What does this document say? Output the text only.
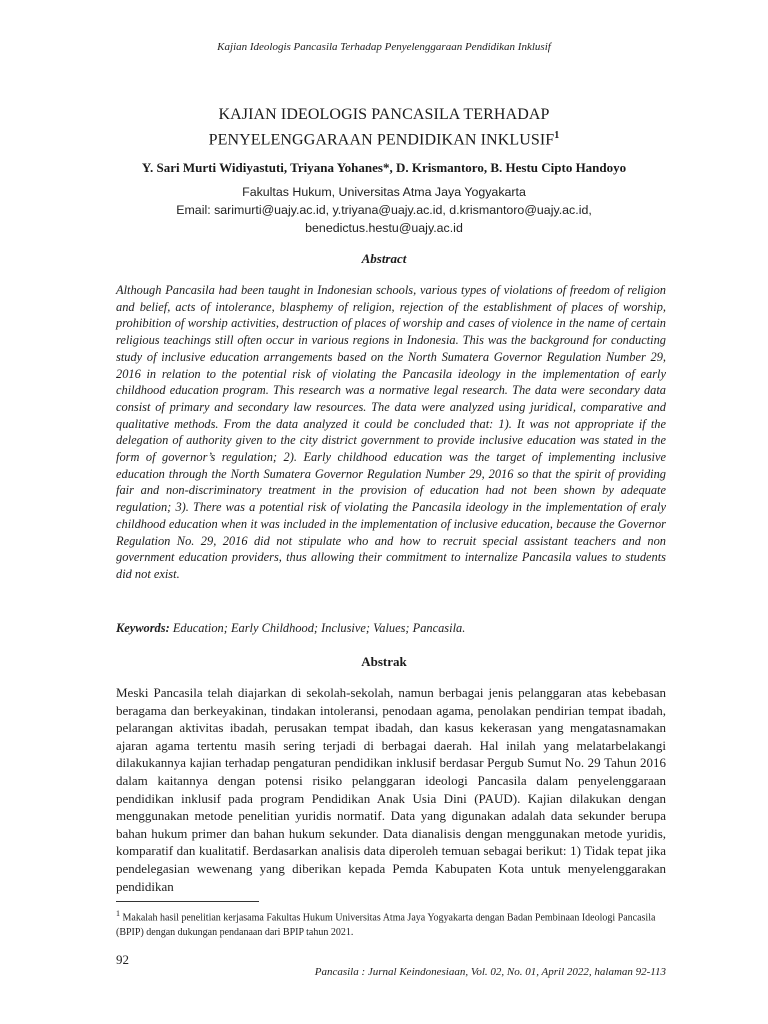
Kajian Ideologis Pancasila Terhadap Penyelenggaraan Pendidikan Inklusif
KAJIAN IDEOLOGIS PANCASILA TERHADAP
PENYELENGGARAAN PENDIDIKAN INKLUSIF$^1$
Y. Sari Murti Widiyastuti, Triyana Yohanes*, D. Krismantoro, B. Hestu Cipto Handoyo
Fakultas Hukum, Universitas Atma Jaya Yogyakarta
Email: sarimurti@uajy.ac.id, y.triyana@uajy.ac.id, d.krismantoro@uajy.ac.id,
benedictus.hestu@uajy.ac.id
Abstract

Although Pancasila had been taught in Indonesian schools, various types of violations of freedom of religion and belief, acts of intolerance, blasphemy of religion, rejection of the establishment of places of worship, prohibition of worship activities, destruction of places of worship and cases of violence in the name of certain religious teachings still often occur in various regions in Indonesia. This was the background for conducting study of inclusive education arrangements based on the North Sumatera Governor Regulation Number 29, 2016 in relation to the potential risk of violating the Pancasila ideology in the implementation of early childhood education program. This research was a normative legal research. The data were secondary data consist of primary and secondary law resources. The data were analyzed using juridical, comparative and qualitative methods. From the data analyzed it could be concluded that: 1). It was not appropriate if the delegation of authority given to the city district government to provide inclusive education was stated in the form of governor’s regulation; 2). Early childhood education was the target of implementing inclusive education through the North Sumatera Governor Regulation Number 29, 2016 so that the spirit of providing fair and non-discriminatory treatment in the provision of education had not been shown by adequate regulation; 3). There was a potential risk of violating the Pancasila ideology in the implementation of eraly childhood education when it was included in the implementation of inclusive education, because the Governor Regulation No. 29, 2016 did not stipulate who and how to recruit special assistant teachers and non government education providers, thus allowing their commitment to internalize Pancasila values to students did not exist.

Keywords: Education; Early Childhood; Inclusive; Values; Pancasila.
Abstrak

Meski Pancasila telah diajarkan di sekolah-sekolah, namun berbagai jenis pelanggaran atas kebebasan beragama dan berkeyakinan, tindakan intoleransi, penodaan agama, penolakan pendirian tempat ibadah, pelarangan aktivitas ibadah, perusakan tempat ibadah, dan kasus kekerasan yang mengatasnamakan ajaran agama tertentu masih sering terjadi di berbagai daerah. Hal inilah yang melatarbelakangi dilakukannya kajian terhadap pengaturan pendidikan inklusif berdasar Pergub Sumut No. 29 Tahun 2016 dalam kaitannya dengan potensi risiko pelanggaran ideologi Pancasila dalam penyelenggaraan pendidikan inklusif pada program Pendidikan Anak Usia Dini (PAUD). Kajian dilakukan dengan menggunakan metode penelitian yuridis normatif. Data yang digunakan adalah data sekunder berupa bahan hukum primer dan bahan hukum sekunder. Data dianalisis dengan menggunakan metode yuridis, komparatif dan kualitatif. Berdasarkan analisis data diperoleh temuan sebagai berikut: 1) Tidak tepat jika pendelegasian wewenang yang diberikan kepada Pemda Kabupaten Kota untuk menyelenggarakan pendidikan

$^1$ Makalah hasil penelitian kerjasama Fakultas Hukum Universitas Atma Jaya Yogyakarta dengan Badan Pembinaan Ideologi Pancasila (BPIP) dengan dukungan pendanaan dari BPIP tahun 2021.

92
Pancasila : Jurnal Keindonesiaan, Vol. 02, No. 01, April 2022, halaman 92-113
